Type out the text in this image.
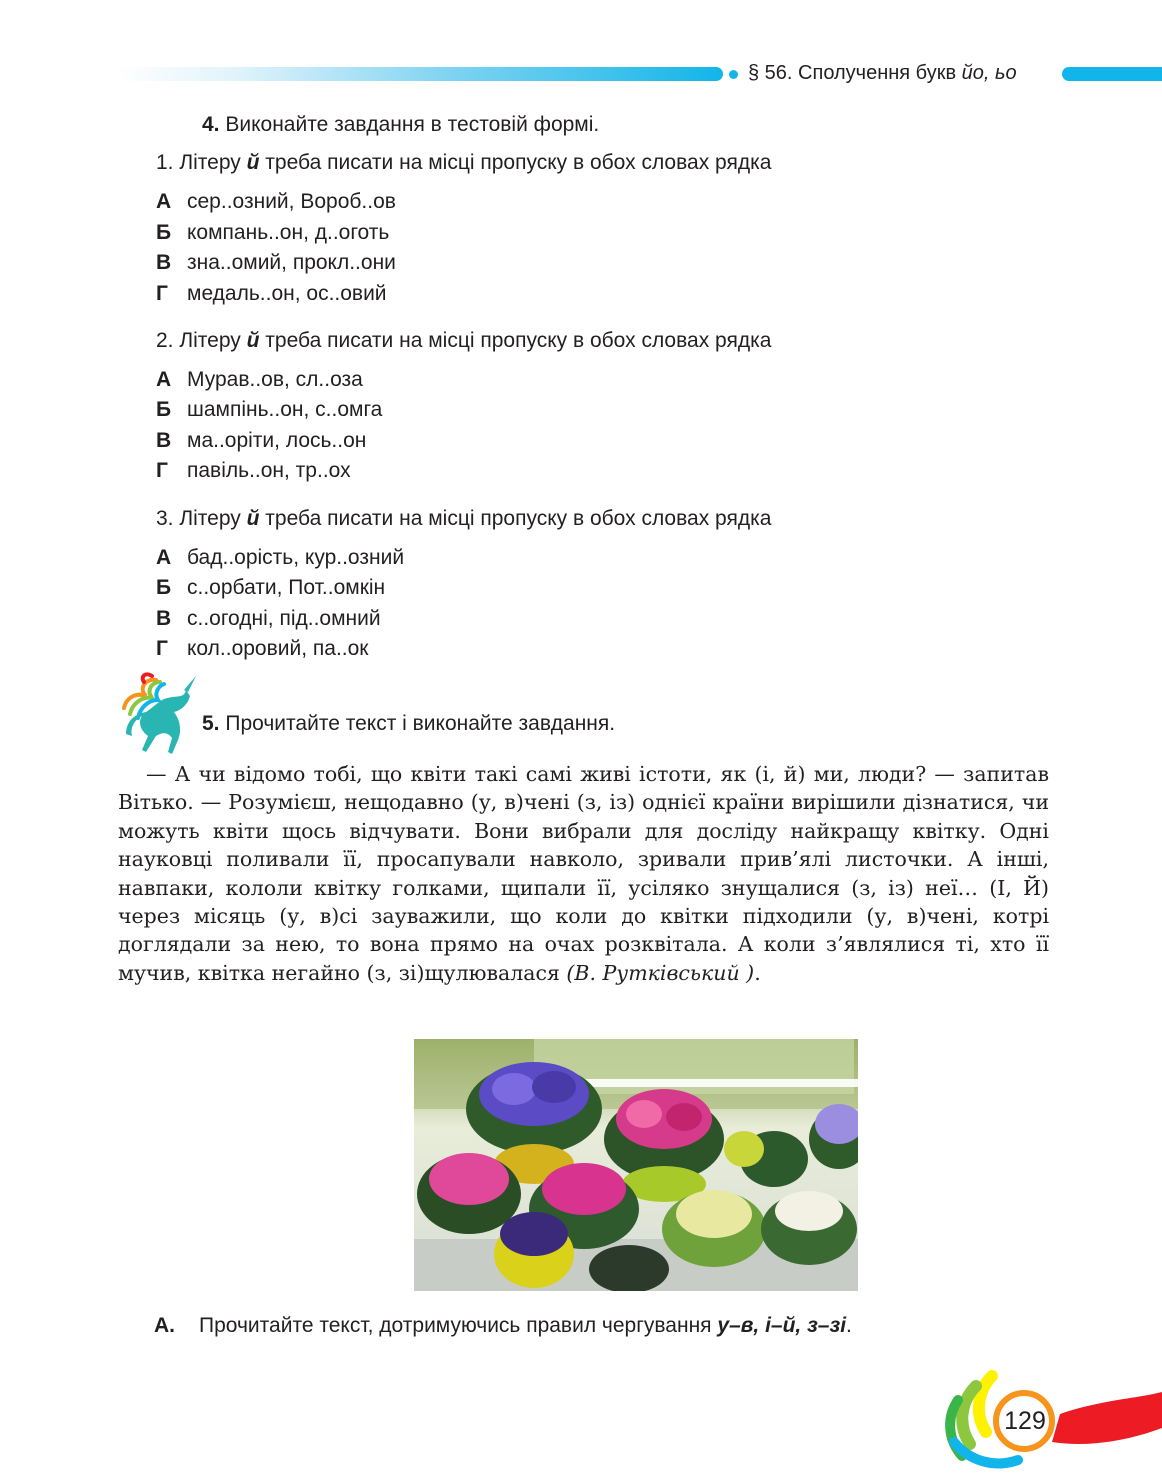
§ 56. Сполучення букв йо, ьо
4. Виконайте завдання в тестовій формі.
1. Літеру й треба писати на місці пропуску в обох словах рядка
А сер..озний, Вороб..ов
Б компань..он, д..оготь
В зна..омий, прокл..они
Г медаль..он, ос..овий
2. Літеру й треба писати на місці пропуску в обох словах рядка
А Мурав..ов, сл..оза
Б шампінь..он, с..омга
В ма..оріти, лось..он
Г павіль..он, тр..ох
3. Літеру й треба писати на місці пропуску в обох словах рядка
А бад..орість, кур..озний
Б с..орбати, Пот..омкін
В с..огодні, під..омний
Г кол..оровий, па..ок
5. Прочитайте текст і виконайте завдання.

— А чи відомо тобі, що квіти такі самі живі істоти, як (і, й) ми, люди? — запитав Вітько. — Розумієш, нещодавно (у, в)чені (з, із) однієї країни вирішили дізнатися, чи можуть квіти щось відчувати. Вони вибрали для досліду найкращу квітку. Одні науковці поливали її, просапували навколо, зривали прив’ялі листочки. А інші, навпаки, кололи квітку голками, щипали її, усіляко знущалися (з, із) неї… (І, Й) через місяць (у, в)сі зауважили, що коли до квітки підходили (у, в)чені, котрі доглядали за нею, то вона прямо на очах розквітала. А коли з’являлися ті, хто її мучив, квітка негайно (з, зі)щулювалася (В. Рутківський ).

А. Прочитайте текст, дотримуючись правил чергування у–в, і–й, з–зі.
129
